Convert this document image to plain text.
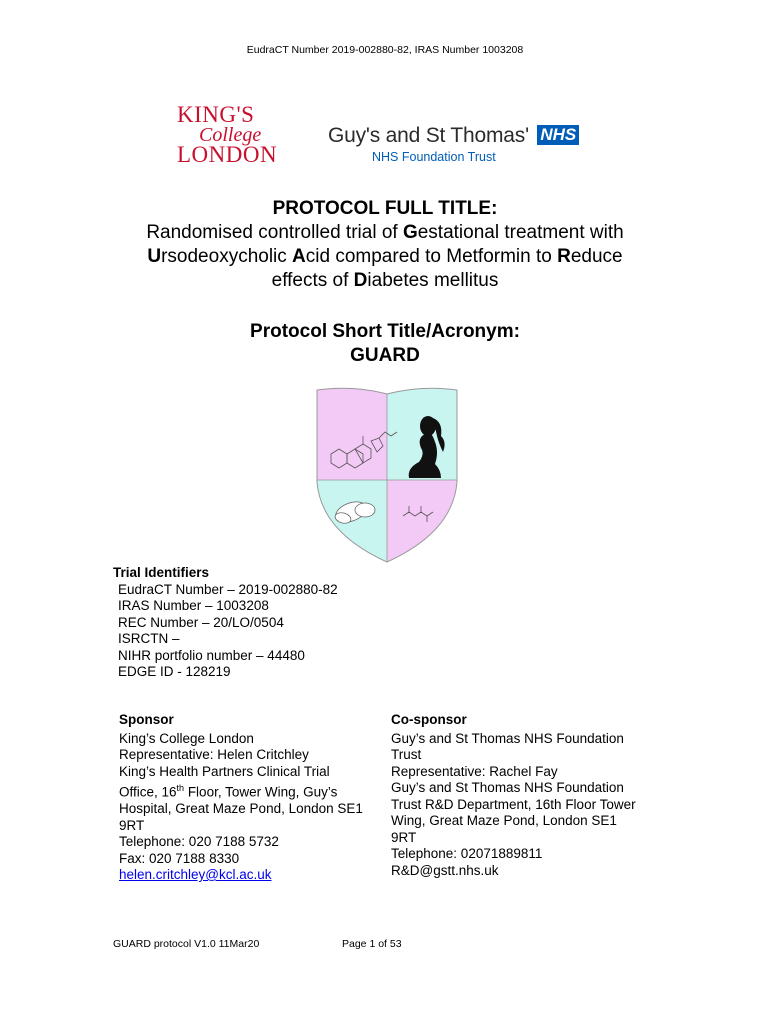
EudraCT Number 2019-002880-82, IRAS Number 1003208
KING'S
College
LONDON
Guy's and St Thomas' NHS
NHS Foundation Trust
PROTOCOL FULL TITLE:
Randomised controlled trial of Gestational treatment with
Ursodeoxycholic Acid compared to Metformin to Reduce
effects of Diabetes mellitus
Protocol Short Title/Acronym:
GUARD
Trial Identifiers
EudraCT Number – 2019-002880-82
IRAS Number – 1003208
REC Number – 20/LO/0504
ISRCTN –
NIHR portfolio number – 44480
EDGE ID - 128219
Sponsor
King’s College London
Representative: Helen Critchley
King’s Health Partners Clinical Trial
Office, 16th Floor, Tower Wing, Guy’s
Hospital, Great Maze Pond, London SE1
9RT
Telephone: 020 7188 5732
Fax: 020 7188 8330
helen.critchley@kcl.ac.uk
Co-sponsor
Guy’s and St Thomas NHS Foundation
Trust
Representative: Rachel Fay
Guy’s and St Thomas NHS Foundation
Trust R&D Department, 16th Floor Tower
Wing, Great Maze Pond, London SE1
9RT
Telephone: 02071889811
R&D@gstt.nhs.uk
GUARD protocol V1.0 11Mar20	Page 1 of 53
